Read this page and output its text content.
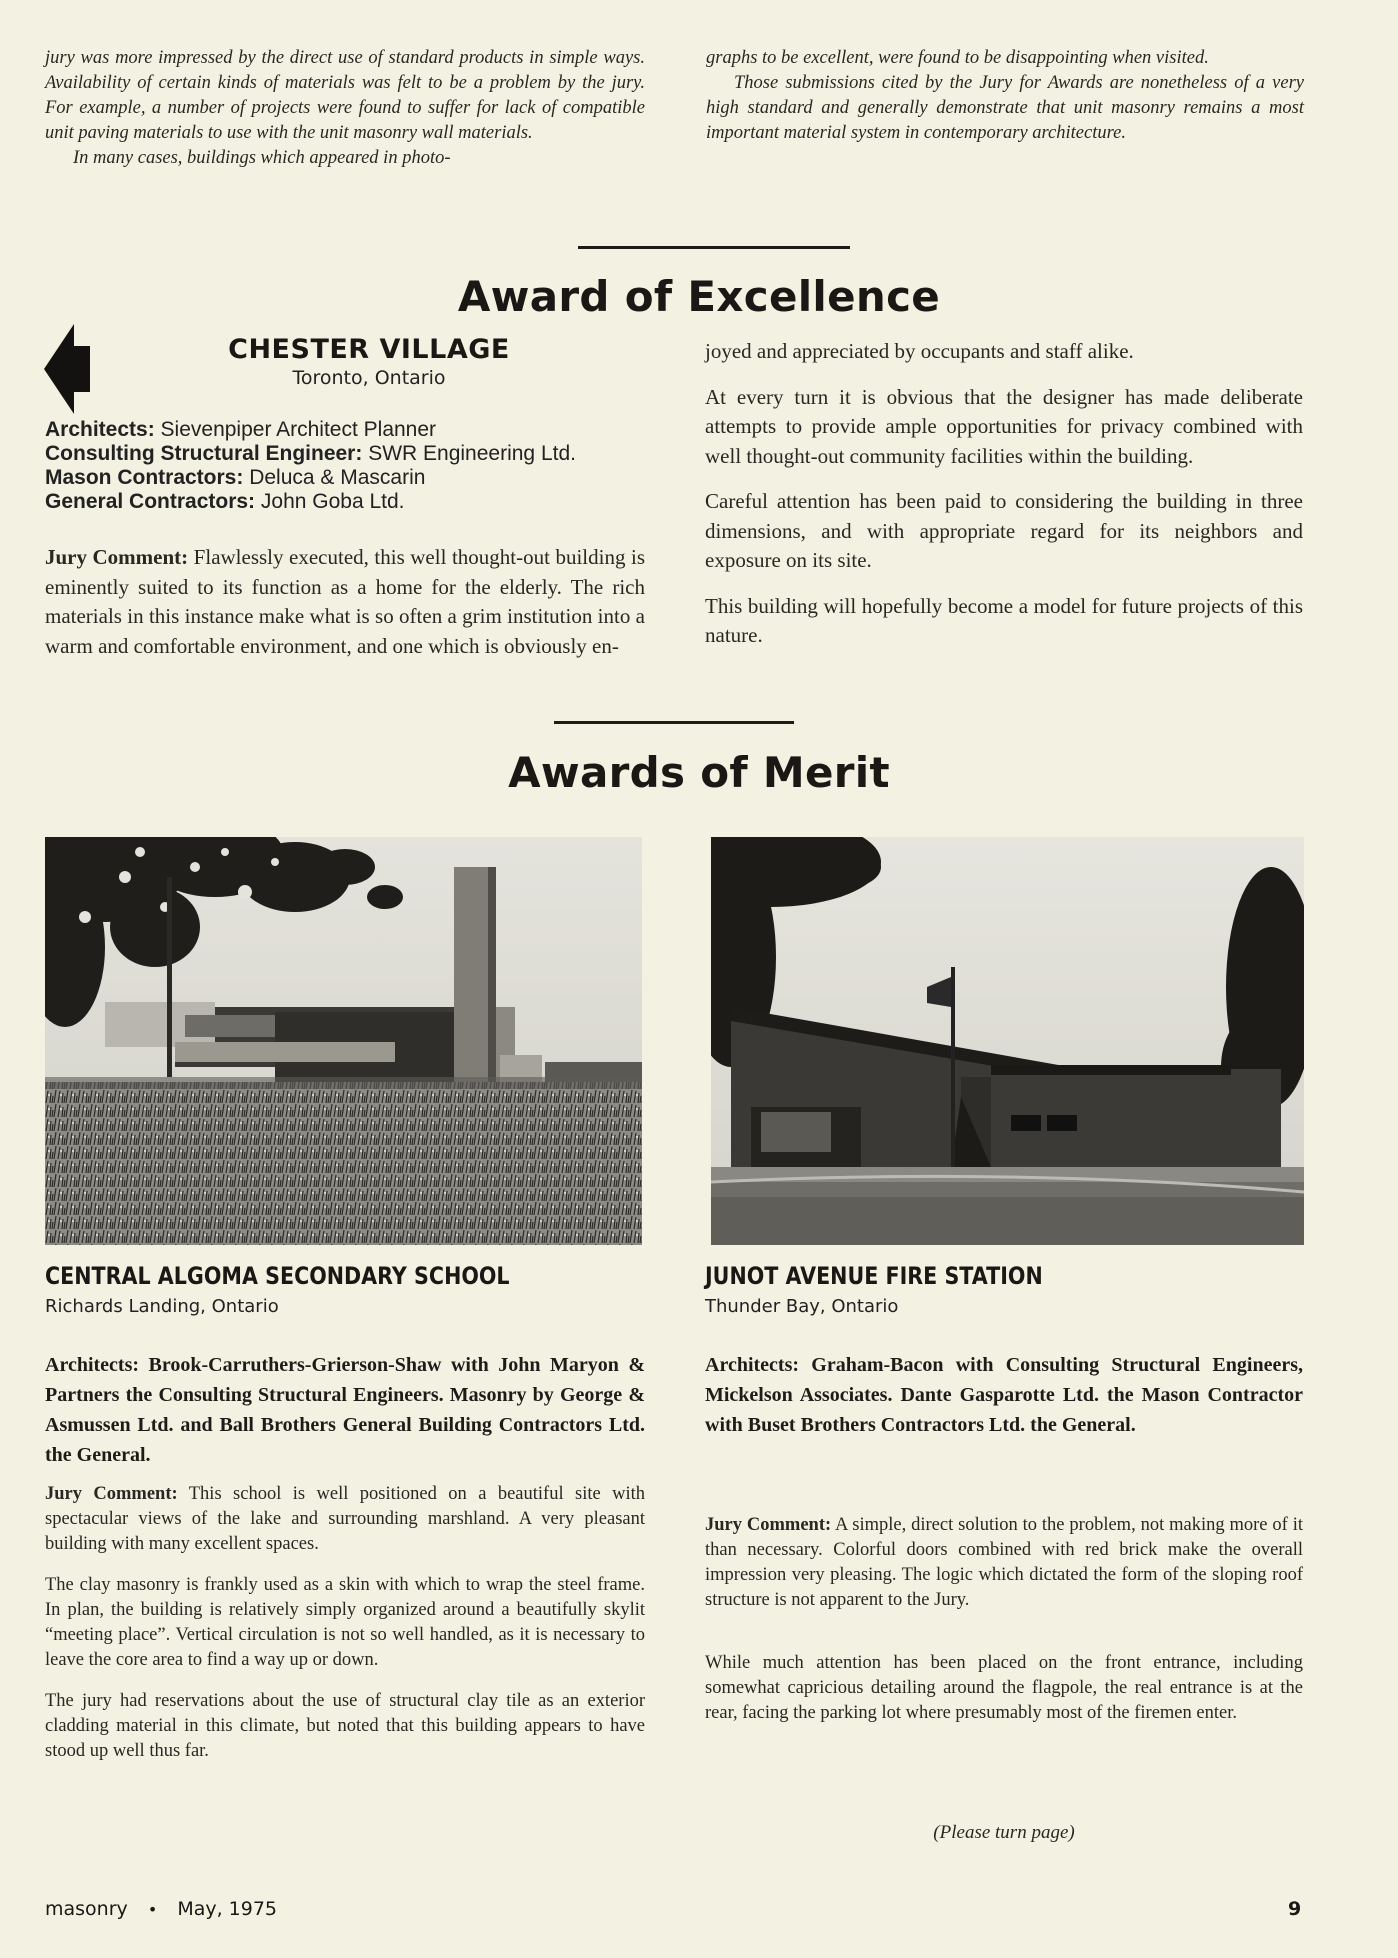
jury was more impressed by the direct use of standard products in simple ways. Availability of certain kinds of materials was felt to be a problem by the jury. For example, a number of projects were found to suffer for lack of compatible unit paving materials to use with the unit masonry wall materials.

In many cases, buildings which appeared in photo-

graphs to be excellent, were found to be disappointing when visited.

Those submissions cited by the Jury for Awards are nonetheless of a very high standard and generally demonstrate that unit masonry remains a most important material system in contemporary architecture.

Award of Excellence
CHESTER VILLAGE
Toronto, Ontario
Architects: Sievenpiper Architect Planner
Consulting Structural Engineer: SWR Engineering Ltd.
Mason Contractors: Deluca & Mascarin
General Contractors: John Goba Ltd.

Jury Comment: Flawlessly executed, this well thought-out building is eminently suited to its function as a home for the elderly. The rich materials in this instance make what is so often a grim institution into a warm and comfortable environment, and one which is obviously en-

joyed and appreciated by occupants and staff alike.

At every turn it is obvious that the designer has made deliberate attempts to provide ample opportunities for privacy combined with well thought-out community facilities within the building.

Careful attention has been paid to considering the building in three dimensions, and with appropriate regard for its neighbors and exposure on its site.

This building will hopefully become a model for future projects of this nature.

Awards of Merit
CENTRAL ALGOMA SECONDARY SCHOOL
Richards Landing, Ontario
Architects: Brook-Carruthers-Grierson-Shaw with John Maryon & Partners the Consulting Structural Engineers. Masonry by George & Asmussen Ltd. and Ball Brothers General Building Contractors Ltd. the General.

Jury Comment: This school is well positioned on a beautiful site with spectacular views of the lake and surrounding marshland. A very pleasant building with many excellent spaces.

The clay masonry is frankly used as a skin with which to wrap the steel frame. In plan, the building is relatively simply organized around a beautifully skylit “meeting place”. Vertical circulation is not so well handled, as it is necessary to leave the core area to find a way up or down.

The jury had reservations about the use of structural clay tile as an exterior cladding material in this climate, but noted that this building appears to have stood up well thus far.

JUNOT AVENUE FIRE STATION
Thunder Bay, Ontario
Architects: Graham-Bacon with Consulting Structural Engineers, Mickelson Associates. Dante Gasparotte Ltd. the Mason Contractor with Buset Brothers Contractors Ltd. the General.

Jury Comment: A simple, direct solution to the problem, not making more of it than necessary. Colorful doors combined with red brick make the overall impression very pleasing. The logic which dictated the form of the sloping roof structure is not apparent to the Jury.

While much attention has been placed on the front entrance, including somewhat capricious detailing around the flagpole, the real entrance is at the rear, facing the parking lot where presumably most of the firemen enter.

(Please turn page)
masonry • May, 1975	9
